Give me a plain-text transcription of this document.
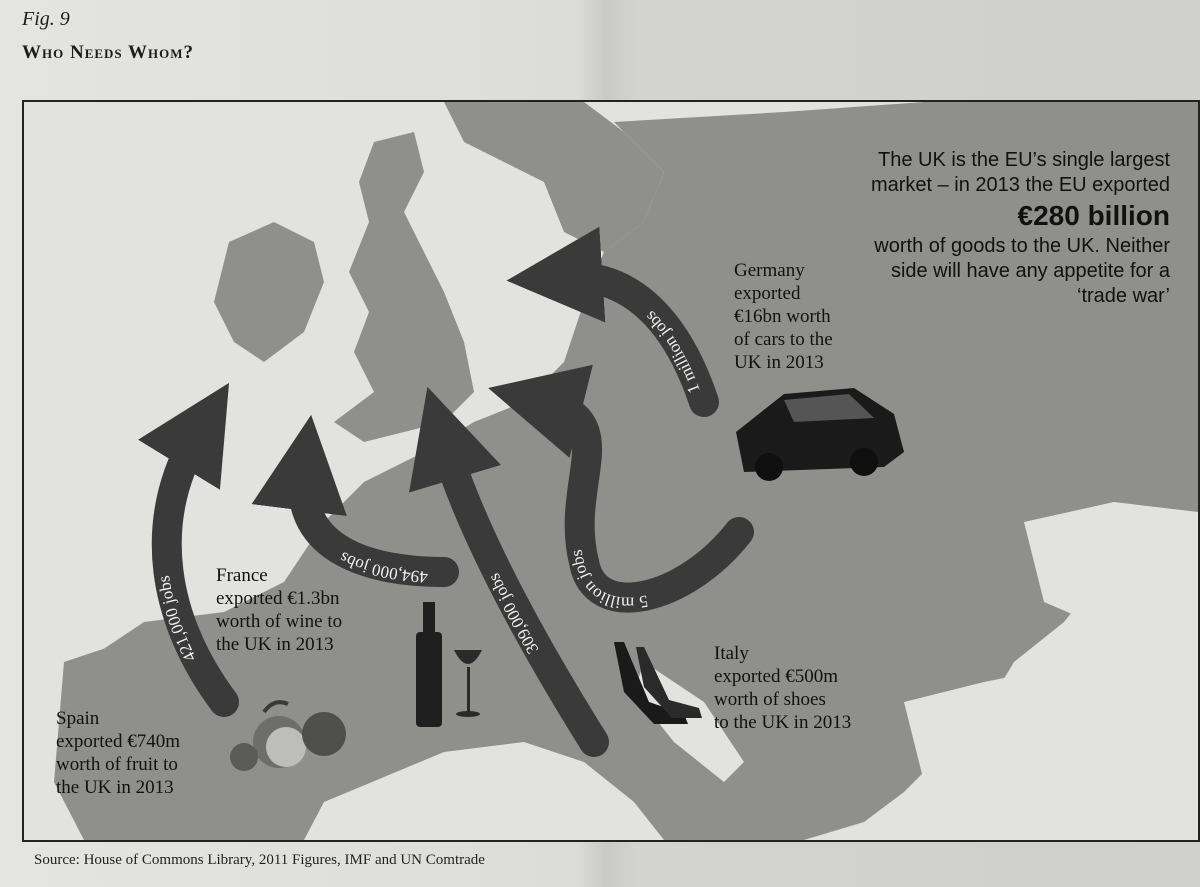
Fig. 9
Who Needs Whom?
421,000 jobs	494,000 jobs
309,000 jobs
5 million jobs
1 million jobs
Spain
exported €740m
worth of fruit to
the UK in 2013
France
exported €1.3bn
worth of wine to
the UK in 2013	Italy
exported €500m
worth of shoes
to the UK in 2013
Germany
exported
€16bn worth
of cars to the
UK in 2013
The UK is the EU’s single largest market – in 2013 the EU exported
€280 billion
worth of goods to the UK. Neither side will have any appetite for a ‘trade war’
Source: House of Commons Library, 2011 Figures, IMF and UN Comtrade
